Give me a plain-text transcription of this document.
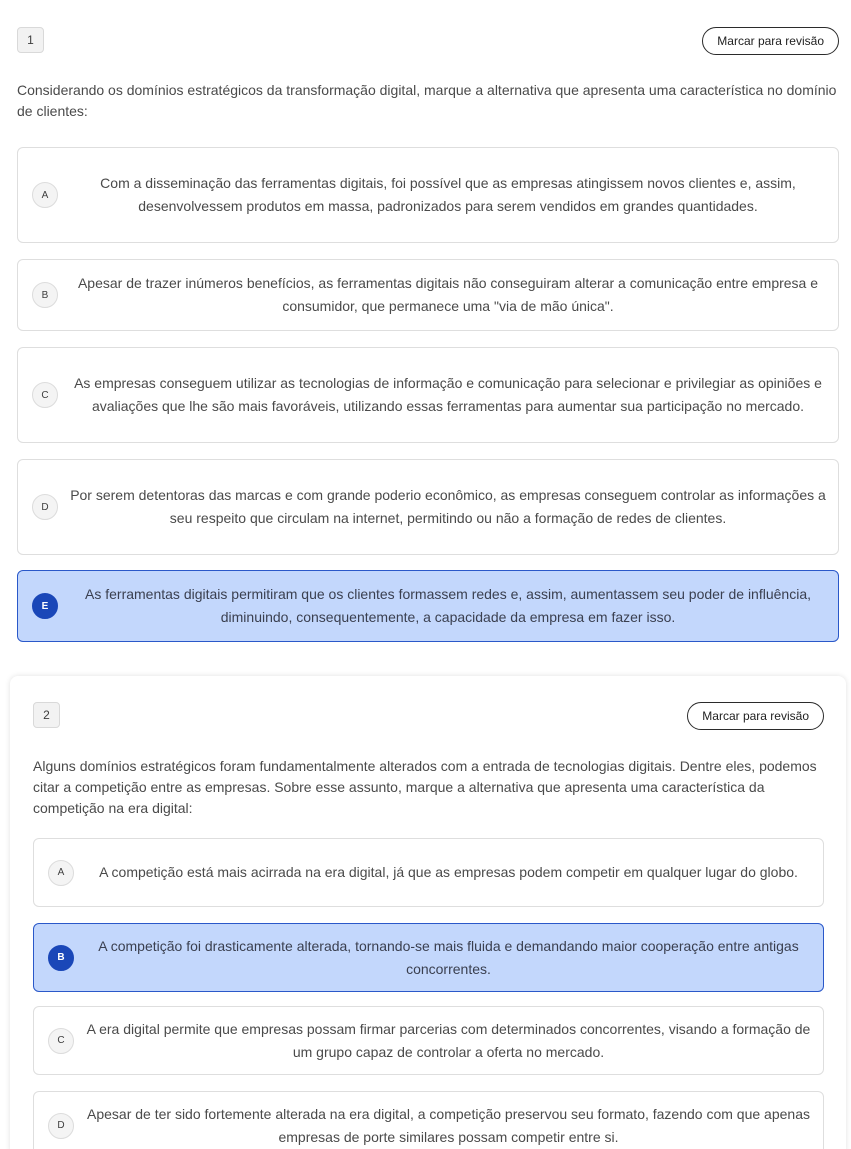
1	Marcar para revisão

Considerando os domínios estratégicos da transformação digital, marque a alternativa que apresenta uma característica no domínio de clientes:

A
Com a disseminação das ferramentas digitais, foi possível que as empresas atingissem novos clientes e, assim, desenvolvessem produtos em massa, padronizados para serem vendidos em grandes quantidades.
B
Apesar de trazer inúmeros benefícios, as ferramentas digitais não conseguiram alterar a comunicação entre empresa e consumidor, que permanece uma "via de mão única".
C
As empresas conseguem utilizar as tecnologias de informação e comunicação para selecionar e privilegiar as opiniões e avaliações que lhe são mais favoráveis, utilizando essas ferramentas para aumentar sua participação no mercado.
D
Por serem detentoras das marcas e com grande poderio econômico, as empresas conseguem controlar as informações a seu respeito que circulam na internet, permitindo ou não a formação de redes de clientes.
E
As ferramentas digitais permitiram que os clientes formassem redes e, assim, aumentassem seu poder de influência, diminuindo, consequentemente, a capacidade da empresa em fazer isso.
2	Marcar para revisão

Alguns domínios estratégicos foram fundamentalmente alterados com a entrada de tecnologias digitais. Dentre eles, podemos citar a competição entre as empresas. Sobre esse assunto, marque a alternativa que apresenta uma característica da competição na era digital:

A	A competição está mais acirrada na era digital, já que as empresas podem competir em qualquer lugar do globo.
B
A competição foi drasticamente alterada, tornando-se mais fluida e demandando maior cooperação entre antigas concorrentes.
C
A era digital permite que empresas possam firmar parcerias com determinados concorrentes, visando a formação de um grupo capaz de controlar a oferta no mercado.
D
Apesar de ter sido fortemente alterada na era digital, a competição preservou seu formato, fazendo com que apenas empresas de porte similares possam competir entre si.
